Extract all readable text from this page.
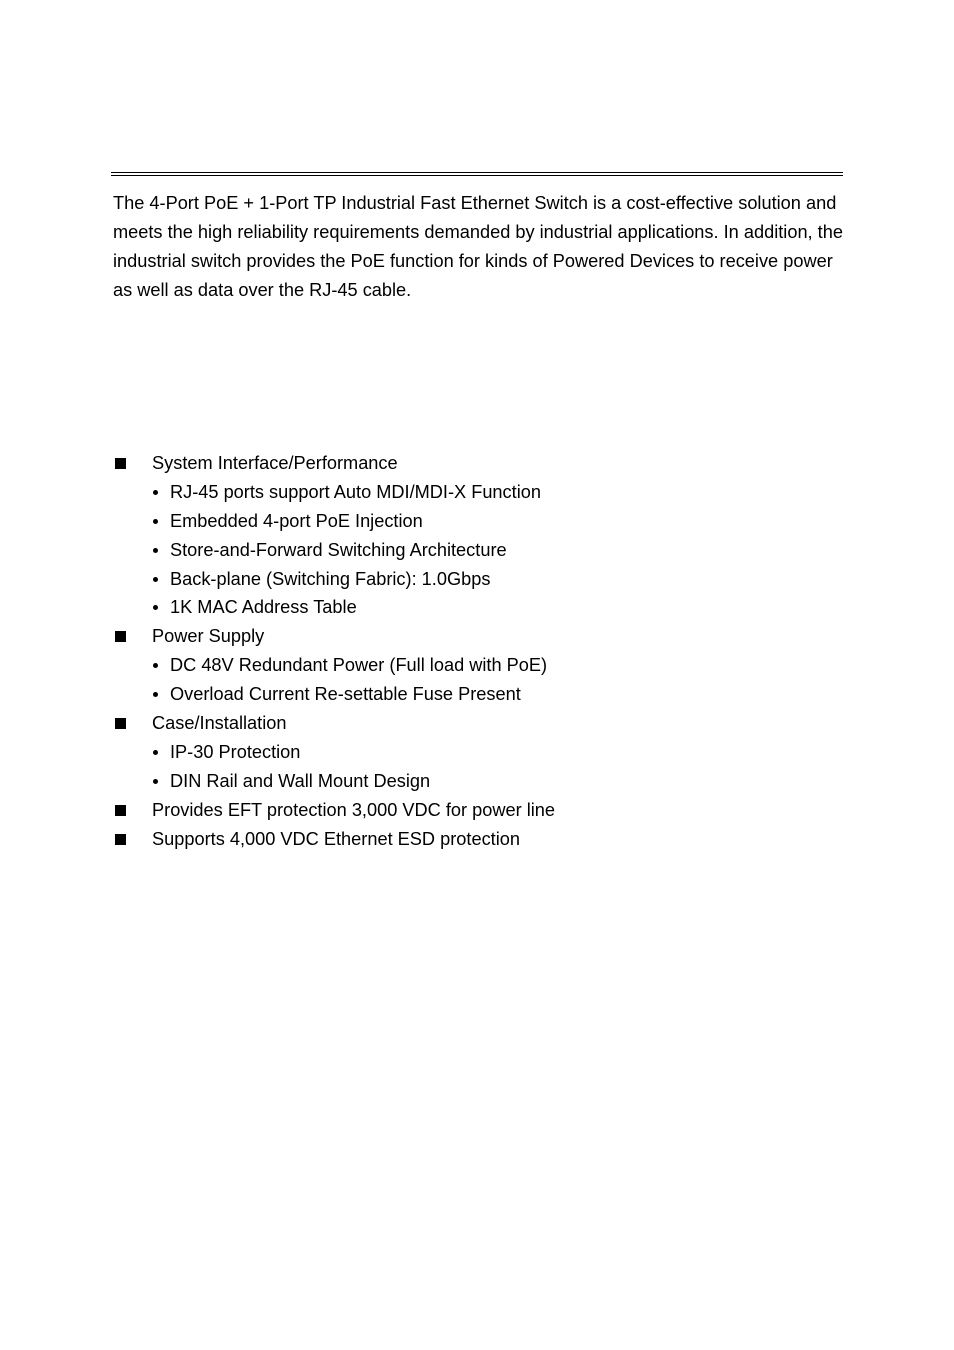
The 4-Port PoE + 1-Port TP Industrial Fast Ethernet Switch is a cost-effective solution and meets the high reliability requirements demanded by industrial applications. In addition, the industrial switch provides the PoE function for kinds of Powered Devices to receive power as well as data over the RJ-45 cable.

System Interface/Performance
RJ-45 ports support Auto MDI/MDI-X Function
Embedded 4-port PoE Injection
Store-and-Forward Switching Architecture
Back-plane (Switching Fabric): 1.0Gbps
1K MAC Address Table
Power Supply
DC 48V Redundant Power (Full load with PoE)
Overload Current Re-settable Fuse Present
Case/Installation
IP-30 Protection
DIN Rail and Wall Mount Design
Provides EFT protection 3,000 VDC for power line
Supports 4,000 VDC Ethernet ESD protection
